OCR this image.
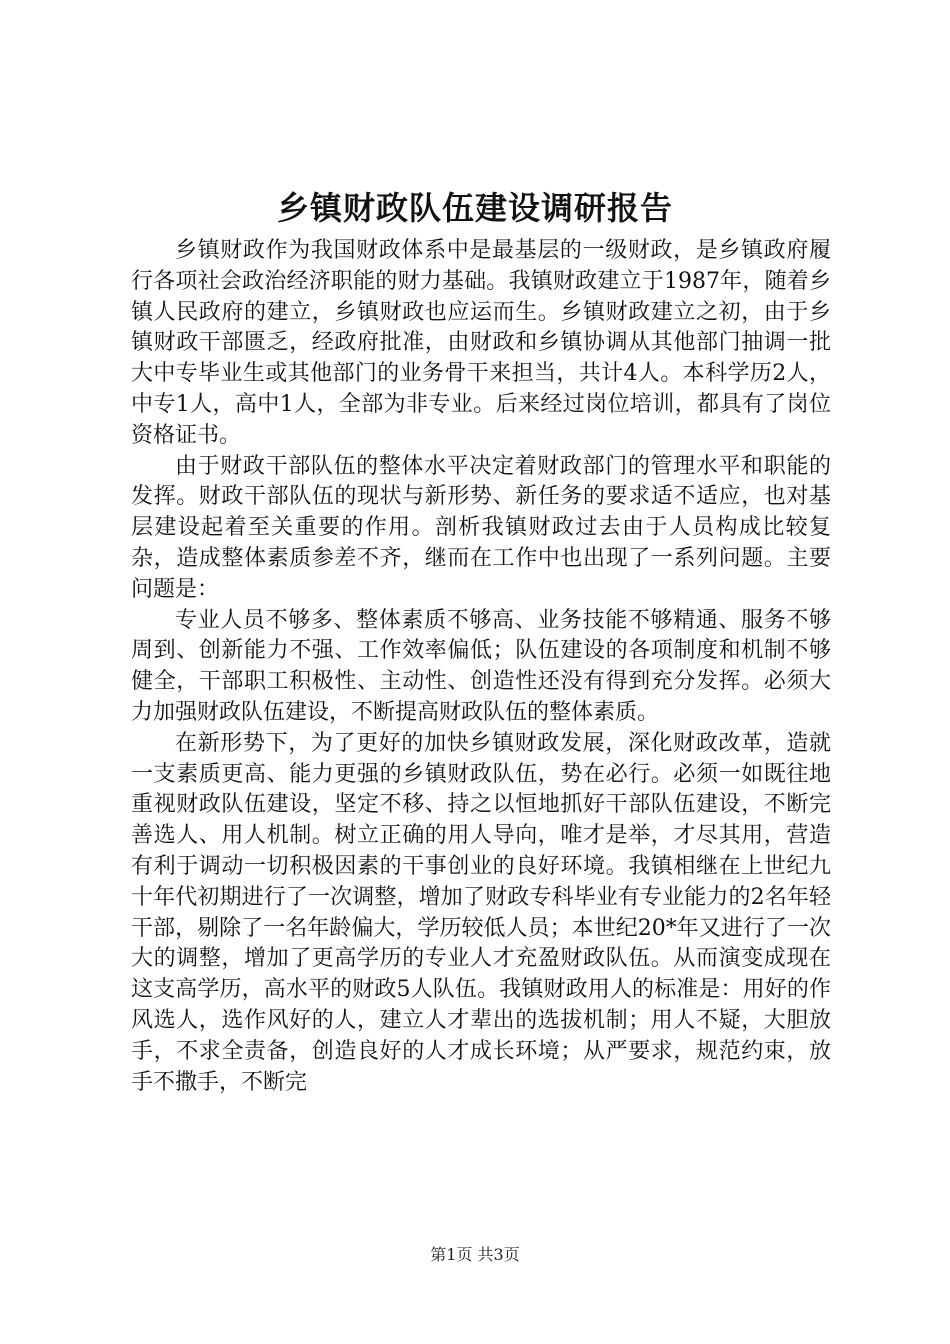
乡镇财政队伍建设调研报告

乡镇财政作为我国财政体系中是最基层的一级财政，是乡镇政府履行各项社会政治经济职能的财力基础。我镇财政建立于1987年，随着乡镇人民政府的建立，乡镇财政也应运而生。乡镇财政建立之初，由于乡镇财政干部匮乏，经政府批准，由财政和乡镇协调从其他部门抽调一批大中专毕业生或其他部门的业务骨干来担当，共计4人。本科学历2人，中专1人，高中1人，全部为非专业。后来经过岗位培训，都具有了岗位资格证书。

由于财政干部队伍的整体水平决定着财政部门的管理水平和职能的发挥。财政干部队伍的现状与新形势、新任务的要求适不适应，也对基层建设起着至关重要的作用。剖析我镇财政过去由于人员构成比较复杂，造成整体素质参差不齐，继而在工作中也出现了一系列问题。主要问题是：

专业人员不够多、整体素质不够高、业务技能不够精通、服务不够周到、创新能力不强、工作效率偏低；队伍建设的各项制度和机制不够健全，干部职工积极性、主动性、创造性还没有得到充分发挥。必须大力加强财政队伍建设，不断提高财政队伍的整体素质。

在新形势下，为了更好的加快乡镇财政发展，深化财政改革，造就一支素质更高、能力更强的乡镇财政队伍，势在必行。必须一如既往地重视财政队伍建设，坚定不移、持之以恒地抓好干部队伍建设，不断完善选人、用人机制。树立正确的用人导向，唯才是举，才尽其用，营造有利于调动一切积极因素的干事创业的良好环境。我镇相继在上世纪九十年代初期进行了一次调整，增加了财政专科毕业有专业能力的2名年轻干部，剔除了一名年龄偏大，学历较低人员；本世纪20*年又进行了一次大的调整，增加了更高学历的专业人才充盈财政队伍。从而演变成现在这支高学历，高水平的财政5人队伍。我镇财政用人的标准是：用好的作风选人，选作风好的人，建立人才辈出的选拔机制；用人不疑，大胆放手，不求全责备，创造良好的人才成长环境；从严要求，规范约束，放手不撒手，不断完

第1页 共3页
